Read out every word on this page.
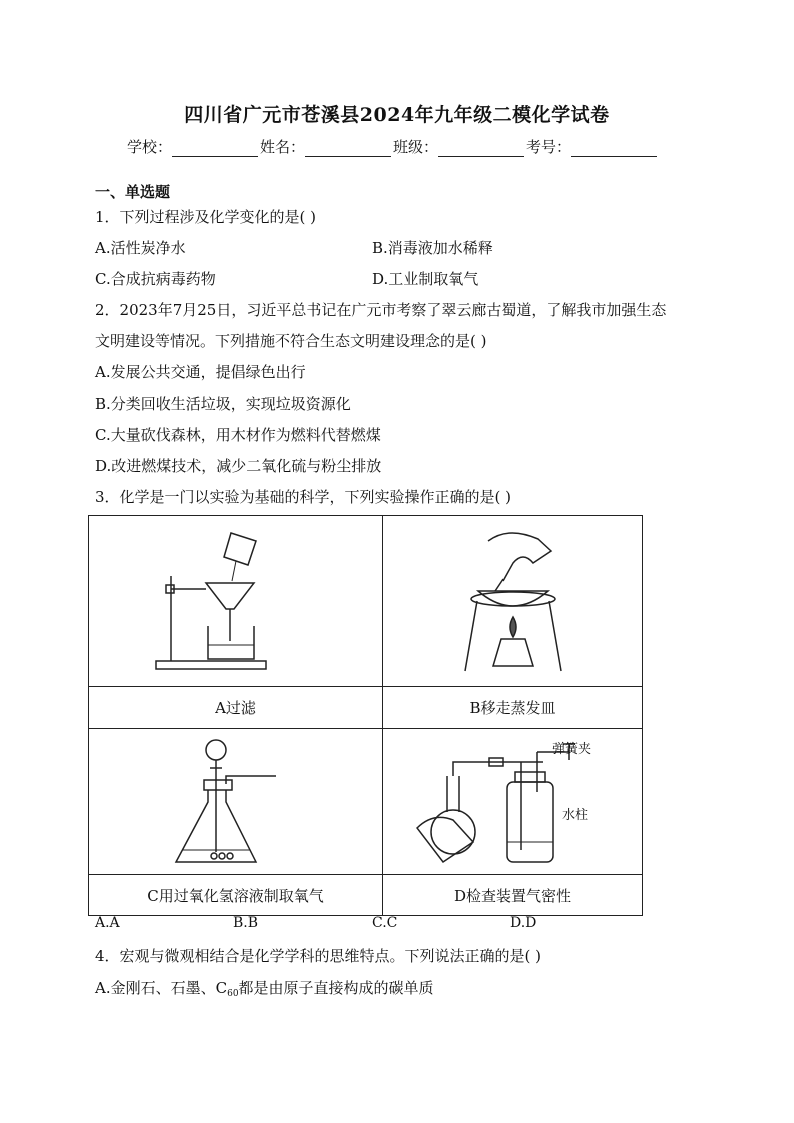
四川省广元市苍溪县2024年九年级二模化学试卷
学校：	姓名：	班级：	考号：
一、单选题
1．下列过程涉及化学变化的是( )
A.活性炭净水	B.消毒液加水稀释
C.合成抗病毒药物	D.工业制取氧气
2．2023年7月25日，习近平总书记在广元市考察了翠云廊古蜀道，了解我市加强生态
文明建设等情况。下列措施不符合生态文明建设理念的是( )
A.发展公共交通，提倡绿色出行
B.分类回收生活垃圾，实现垃圾资源化
C.大量砍伐森林，用木材作为燃料代替燃煤
D.改进燃煤技术，减少二氧化硫与粉尘排放
3．化学是一门以实验为基础的科学，下列实验操作正确的是( )

A过滤	B移走蒸发皿

C用过氧化氢溶液制取氧气	D检查装置气密性
弹簧夹
水柱
A.A	B.B	C.C	D.D
4．宏观与微观相结合是化学学科的思维特点。下列说法正确的是( )
A.金刚石、石墨、$C_{60}$都是由原子直接构成的碳单质
